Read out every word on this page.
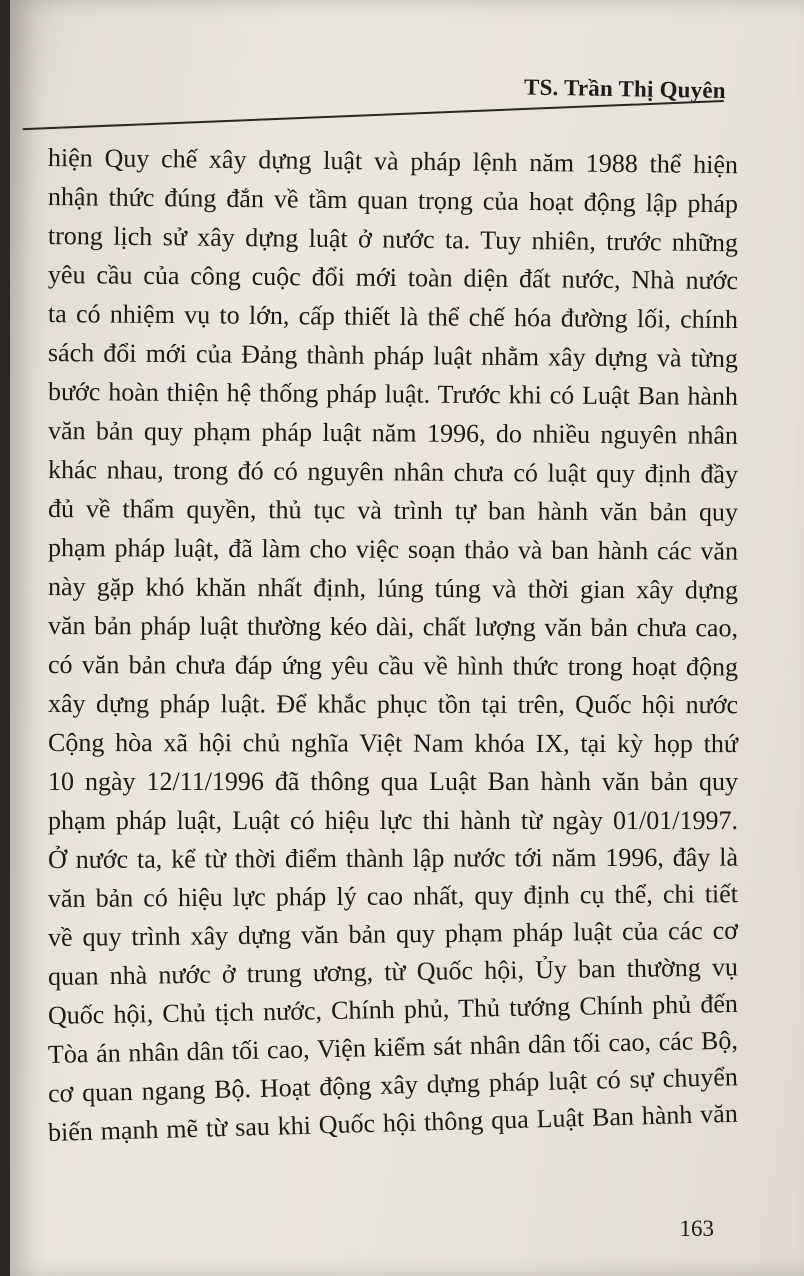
TS. Trần Thị Quyên
hiện Quy chế xây dựng luật và pháp lệnh năm 1988 thể hiện
nhận thức đúng đắn về tầm quan trọng của hoạt động lập pháp
trong lịch sử xây dựng luật ở nước ta. Tuy nhiên, trước những
yêu cầu của công cuộc đổi mới toàn diện đất nước, Nhà nước
ta có nhiệm vụ to lớn, cấp thiết là thể chế hóa đường lối, chính
sách đổi mới của Đảng thành pháp luật nhằm xây dựng và từng
bước hoàn thiện hệ thống pháp luật. Trước khi có Luật Ban hành
văn bản quy phạm pháp luật năm 1996, do nhiều nguyên nhân
khác nhau, trong đó có nguyên nhân chưa có luật quy định đầy
đủ về thẩm quyền, thủ tục và trình tự ban hành văn bản quy
phạm pháp luật, đã làm cho việc soạn thảo và ban hành các văn
này gặp khó khăn nhất định, lúng túng và thời gian xây dựng
văn bản pháp luật thường kéo dài, chất lượng văn bản chưa cao,
có văn bản chưa đáp ứng yêu cầu về hình thức trong hoạt động
xây dựng pháp luật. Để khắc phục tồn tại trên, Quốc hội nước
Cộng hòa xã hội chủ nghĩa Việt Nam khóa IX, tại kỳ họp thứ
10 ngày 12/11/1996 đã thông qua Luật Ban hành văn bản quy
phạm pháp luật, Luật có hiệu lực thi hành từ ngày 01/01/1997.
Ở nước ta, kể từ thời điểm thành lập nước tới năm 1996, đây là
văn bản có hiệu lực pháp lý cao nhất, quy định cụ thể, chi tiết
về quy trình xây dựng văn bản quy phạm pháp luật của các cơ
quan nhà nước ở trung ương, từ Quốc hội, Ủy ban thường vụ
Quốc hội, Chủ tịch nước, Chính phủ, Thủ tướng Chính phủ đến
Tòa án nhân dân tối cao, Viện kiểm sát nhân dân tối cao, các Bộ,
cơ quan ngang Bộ. Hoạt động xây dựng pháp luật có sự chuyển
biến mạnh mẽ từ sau khi Quốc hội thông qua Luật Ban hành văn
163
